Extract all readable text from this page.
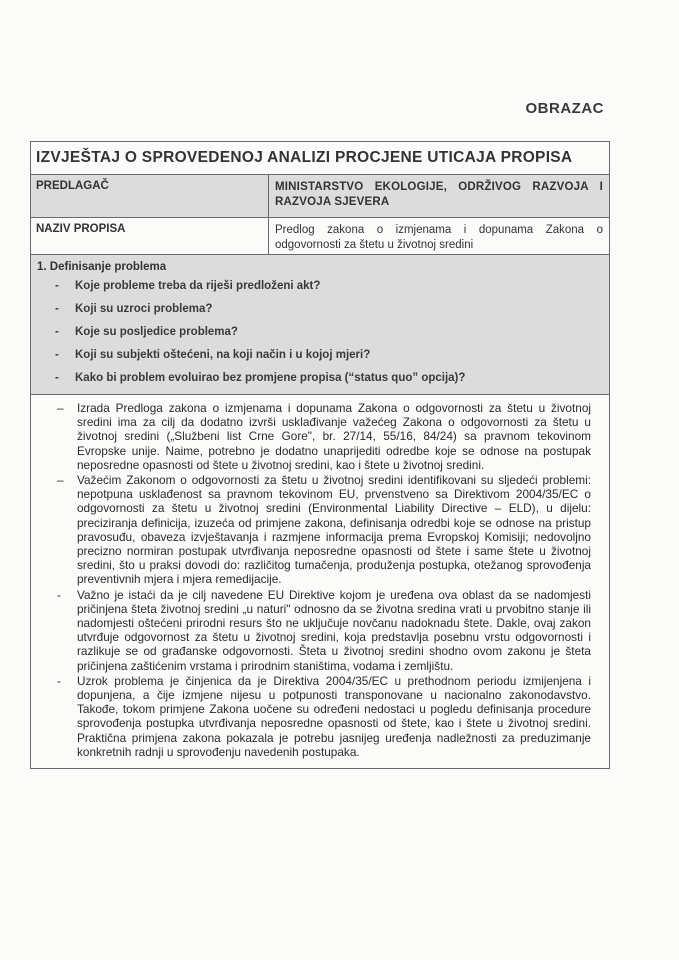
OBRAZAC
IZVJEŠTAJ O SPROVEDENOJ ANALIZI PROCJENE UTICAJA PROPISA
PREDLAGAČ	MINISTARSTVO EKOLOGIJE, ODRŽIVOG RAZVOJA I RAZVOJA SJEVERA
NAZIV PROPISA	Predlog zakona o izmjenama i dopunama Zakona o odgovornosti za štetu u životnoj sredini
1. Definisanje problema
- Koje probleme treba da riješi predloženi akt?
- Koji su uzroci problema?
- Koje su posljedice problema?
- Koji su subjekti oštećeni, na koji način i u kojoj mjeri?
- Kako bi problem evoluirao bez promjene propisa (“status quo” opcija)?
– Izrada Predloga zakona o izmjenama i dopunama Zakona o odgovornosti za štetu u životnoj sredini ima za cilj da dodatno izvrši usklađivanje važećeg Zakona o odgovornosti za štetu u životnoj sredini („Službeni list Crne Gore", br. 27/14, 55/16, 84/24) sa pravnom tekovinom Evropske unije. Naime, potrebno je dodatno unaprijediti odredbe koje se odnose na postupak neposredne opasnosti od štete u životnoj sredini, kao i štete u životnoj sredini.
– Važećim Zakonom o odgovornosti za štetu u životnoj sredini identifikovani su sljedeći problemi: nepotpuna usklađenost sa pravnom tekovinom EU, prvenstveno sa Direktivom 2004/35/EC o odgovornosti za štetu u životnoj sredini (Environmental Liability Directive – ELD), u dijelu: preciziranja definicija, izuzeća od primjene zakona, definisanja odredbi koje se odnose na pristup pravosuđu, obaveza izvještavanja i razmjene informacija prema Evropskoj Komisiji; nedovoljno precizno normiran postupak utvrđivanja neposredne opasnosti od štete i same štete u životnoj sredini, što u praksi dovodi do: različitog tumačenja, produženja postupka, otežanog sprovođenja preventivnih mjera i mjera remedijacije.
- Važno je istaći da je cilj navedene EU Direktive kojom je uređena ova oblast da se nadomjesti pričinjena šteta životnoj sredini „u naturi" odnosno da se životna sredina vrati u prvobitno stanje ili nadomjesti oštećeni prirodni resurs što ne uključuje novčanu nadoknadu štete. Dakle, ovaj zakon utvrđuje odgovornost za štetu u životnoj sredini, koja predstavlja posebnu vrstu odgovornosti i razlikuje se od građanske odgovornosti. Šteta u životnoj sredini shodno ovom zakonu je šteta pričinjena zaštićenim vrstama i prirodnim staništima, vodama i zemljištu.
- Uzrok problema je činjenica da je Direktiva 2004/35/EC u prethodnom periodu izmijenjena i dopunjena, a čije izmjene nijesu u potpunosti transponovane u nacionalno zakonodavstvo. Takođe, tokom primjene Zakona uočene su određeni nedostaci u pogledu definisanja procedure sprovođenja postupka utvrđivanja neposredne opasnosti od štete, kao i štete u životnoj sredini. Praktična primjena zakona pokazala je potrebu jasnijeg uređenja nadležnosti za preduzimanje konkretnih radnji u sprovođenju navedenih postupaka.
